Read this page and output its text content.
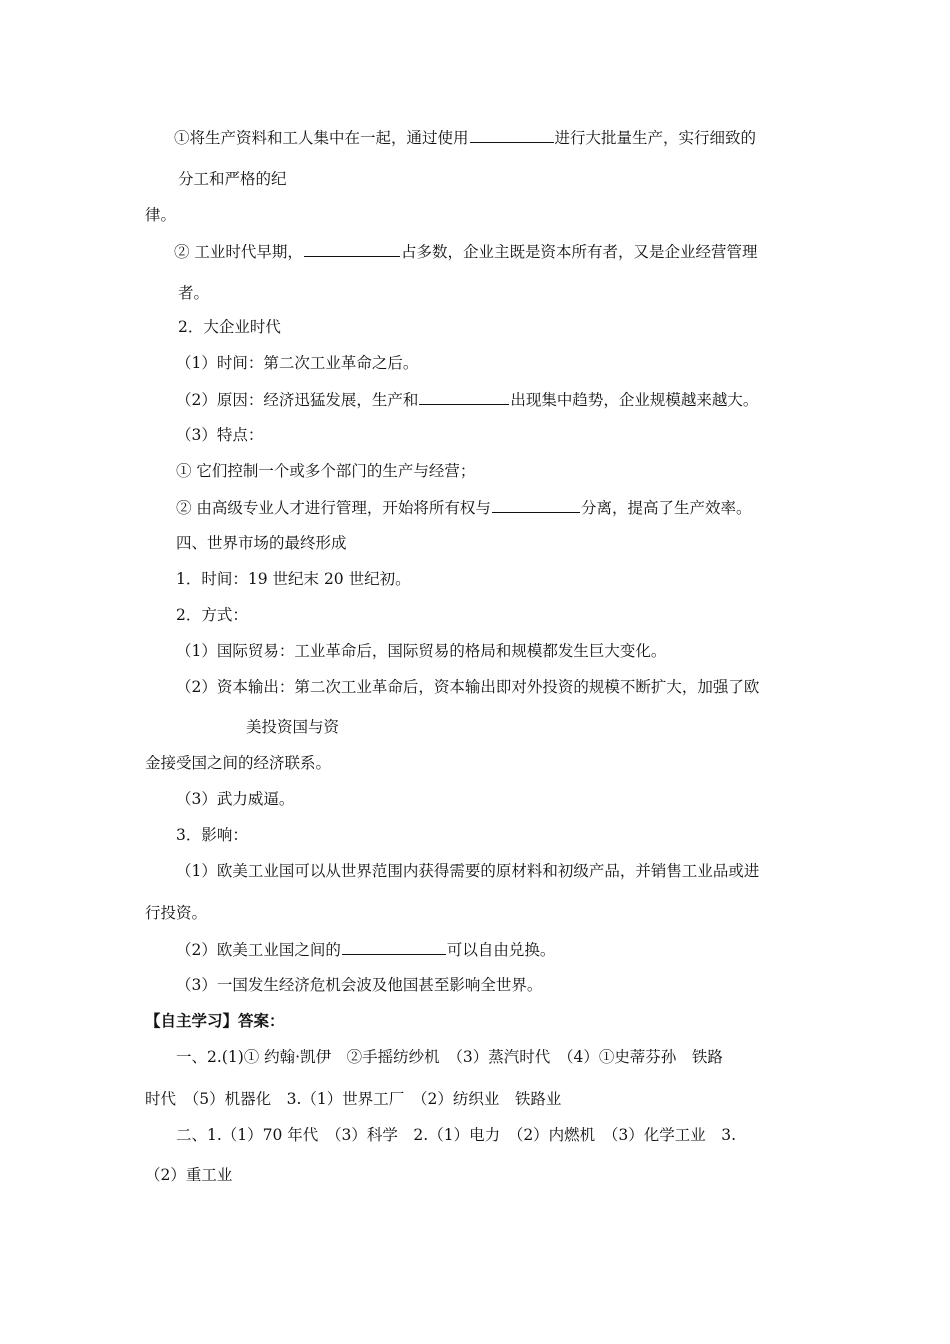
①将生产资料和工人集中在一起，通过使用	进行大批量生产，实行细致的
分工和严格的纪
律。
② 工业时代早期，	占多数，企业主既是资本所有者，又是企业经营管理
者。
2．大企业时代
（1）时间：第二次工业革命之后。
（2）原因：经济迅猛发展，生产和	出现集中趋势，企业规模越来越大。
（3）特点：
① 它们控制一个或多个部门的生产与经营；
② 由高级专业人才进行管理，开始将所有权与	分离，提高了生产效率。
四、世界市场的最终形成
1．时间：19 世纪末 20 世纪初。
2．方式：
（1）国际贸易：工业革命后，国际贸易的格局和规模都发生巨大变化。
（2）资本输出：第二次工业革命后，资本输出即对外投资的规模不断扩大，加强了欧
美投资国与资
金接受国之间的经济联系。
（3）武力威逼。
3．影响：
（1）欧美工业国可以从世界范围内获得需要的原材料和初级产品，并销售工业品或进
行投资。
（2）欧美工业国之间的	可以自由兑换。
（3）一国发生经济危机会波及他国甚至影响全世界。
【自主学习】答案：
一、2.(1)① 约翰·凯伊　②手摇纺纱机　（3）蒸汽时代　（4）①史蒂芬孙　铁路
时代　（5）机器化　3.（1）世界工厂　（2）纺织业　铁路业
二、1.（1）70 年代　（3）科学　2.（1）电力　（2）内燃机　（3）化学工业　3.
（2）重工业
